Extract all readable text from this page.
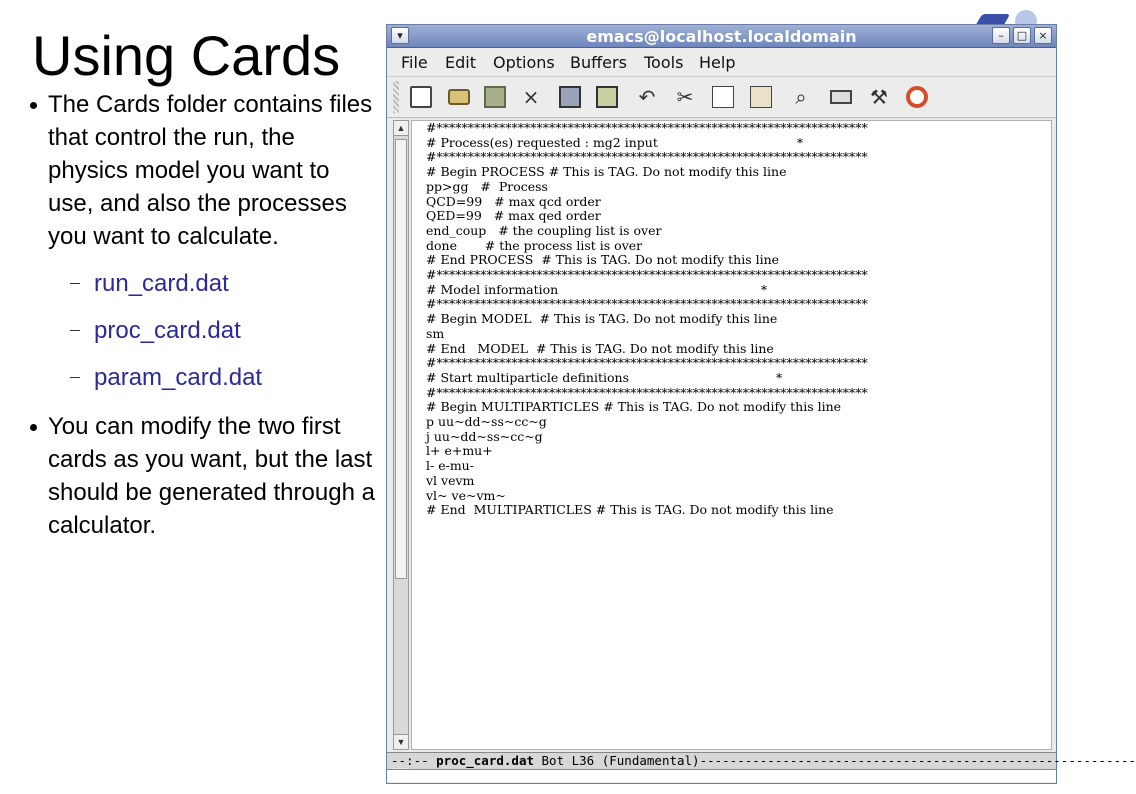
Using Cards
The Cards folder contains files that control the run, the physics model you want to use, and also the processes you want to calculate.
run_card.dat
proc_card.dat
param_card.dat
You can modify the two first cards as you want, but the last should be generated through a calculator.
▾	emacs@localhost.localdomain	–	□	×
File Edit Options Buffers Tools Help
×	↶ ✂	⌕	⚒
▲
▼
#*********************************************************************
# Process(es) requested : mg2 input                                   *
#*********************************************************************
# Begin PROCESS # This is TAG. Do not modify this line
pp>gg   #  Process
QCD=99   # max qcd order
QED=99   # max qed order
end_coup   # the coupling list is over
done       # the process list is over
# End PROCESS  # This is TAG. Do not modify this line
#*********************************************************************
# Model information                                                   *
#*********************************************************************
# Begin MODEL  # This is TAG. Do not modify this line
sm
# End   MODEL  # This is TAG. Do not modify this line
#*********************************************************************
# Start multiparticle definitions                                     *
#*********************************************************************
# Begin MULTIPARTICLES # This is TAG. Do not modify this line
p uu~dd~ss~cc~g
j uu~dd~ss~cc~g
l+ e+mu+
l- e-mu-
vl vevm
vl~ ve~vm~
# End  MULTIPARTICLES # This is TAG. Do not modify this line
--:-- proc_card.dat Bot L36 (Fundamental)----------------------------------------------------------
